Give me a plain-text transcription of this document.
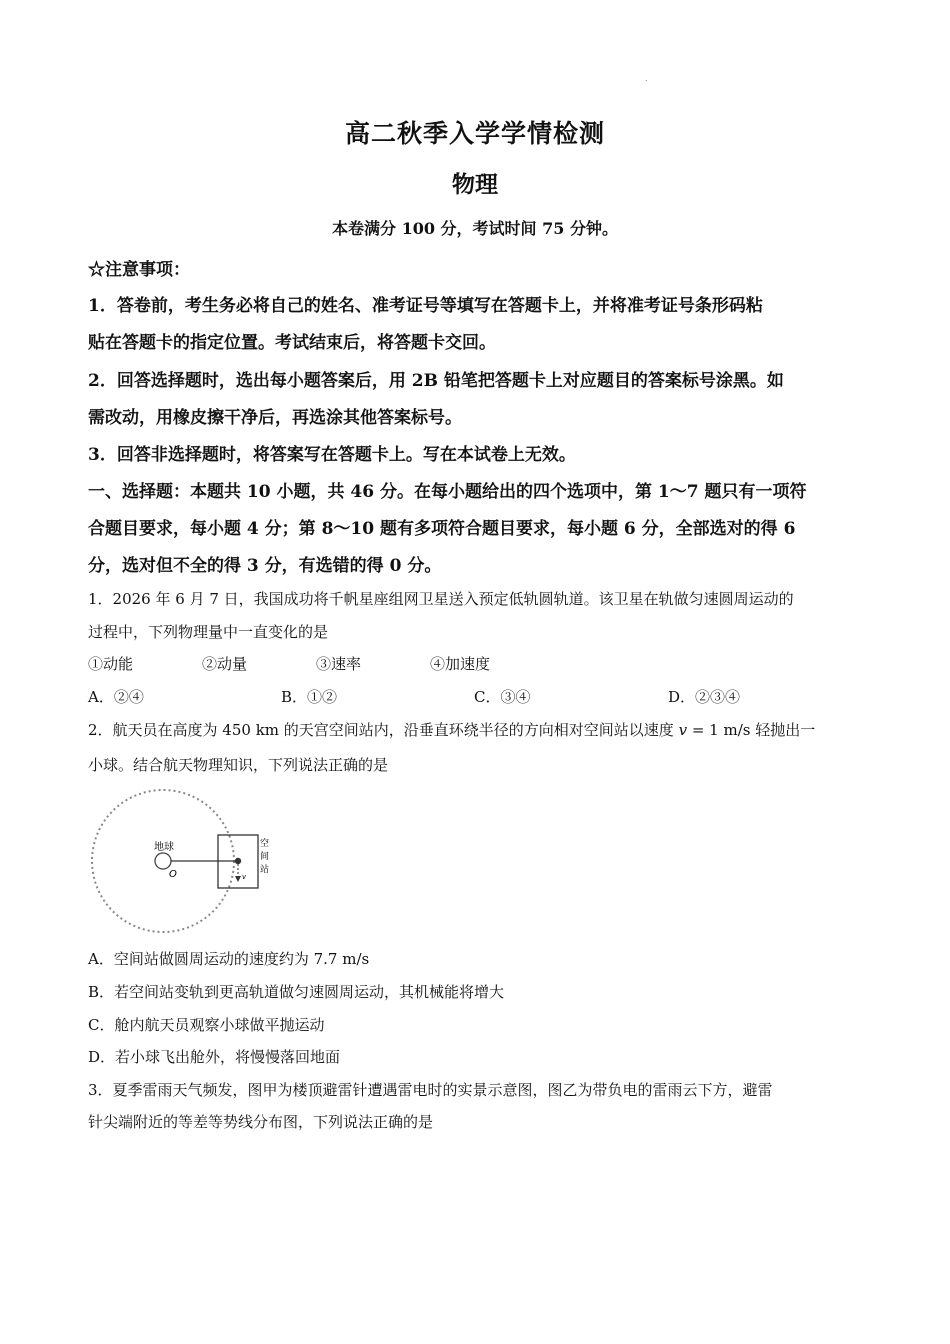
.
高二秋季入学学情检测
物理
本卷满分 100 分，考试时间 75 分钟。
☆注意事项：
1．答卷前，考生务必将自己的姓名、准考证号等填写在答题卡上，并将准考证号条形码粘
贴在答题卡的指定位置。考试结束后，将答题卡交回。
2．回答选择题时，选出每小题答案后，用 2B 铅笔把答题卡上对应题目的答案标号涂黑。如
需改动，用橡皮擦干净后，再选涂其他答案标号。
3．回答非选择题时，将答案写在答题卡上。写在本试卷上无效。
一、选择题：本题共 10 小题，共 46 分。在每小题给出的四个选项中，第 1～7 题只有一项符
合题目要求，每小题 4 分；第 8～10 题有多项符合题目要求，每小题 6 分，全部选对的得 6
分，选对但不全的得 3 分，有选错的得 0 分。
1．2026 年 6 月 7 日，我国成功将千帆星座组网卫星送入预定低轨圆轨道。该卫星在轨做匀速圆周运动的
过程中，下列物理量中一直变化的是
①动能	②动量	③速率	④加速度
A．②④	B．①②	C．③④	D．②③④
2．航天员在高度为 450 km 的天宫空间站内，沿垂直环绕半径的方向相对空间站以速度 v = 1 m/s 轻抛出一
小球。结合航天物理知识，下列说法正确的是
地球
O
空
间
站
v
A．空间站做圆周运动的速度约为 7.7 m/s
B．若空间站变轨到更高轨道做匀速圆周运动，其机械能将增大
C．舱内航天员观察小球做平抛运动
D．若小球飞出舱外，将慢慢落回地面
3．夏季雷雨天气频发，图甲为楼顶避雷针遭遇雷电时的实景示意图，图乙为带负电的雷雨云下方，避雷
针尖端附近的等差等势线分布图，下列说法正确的是
